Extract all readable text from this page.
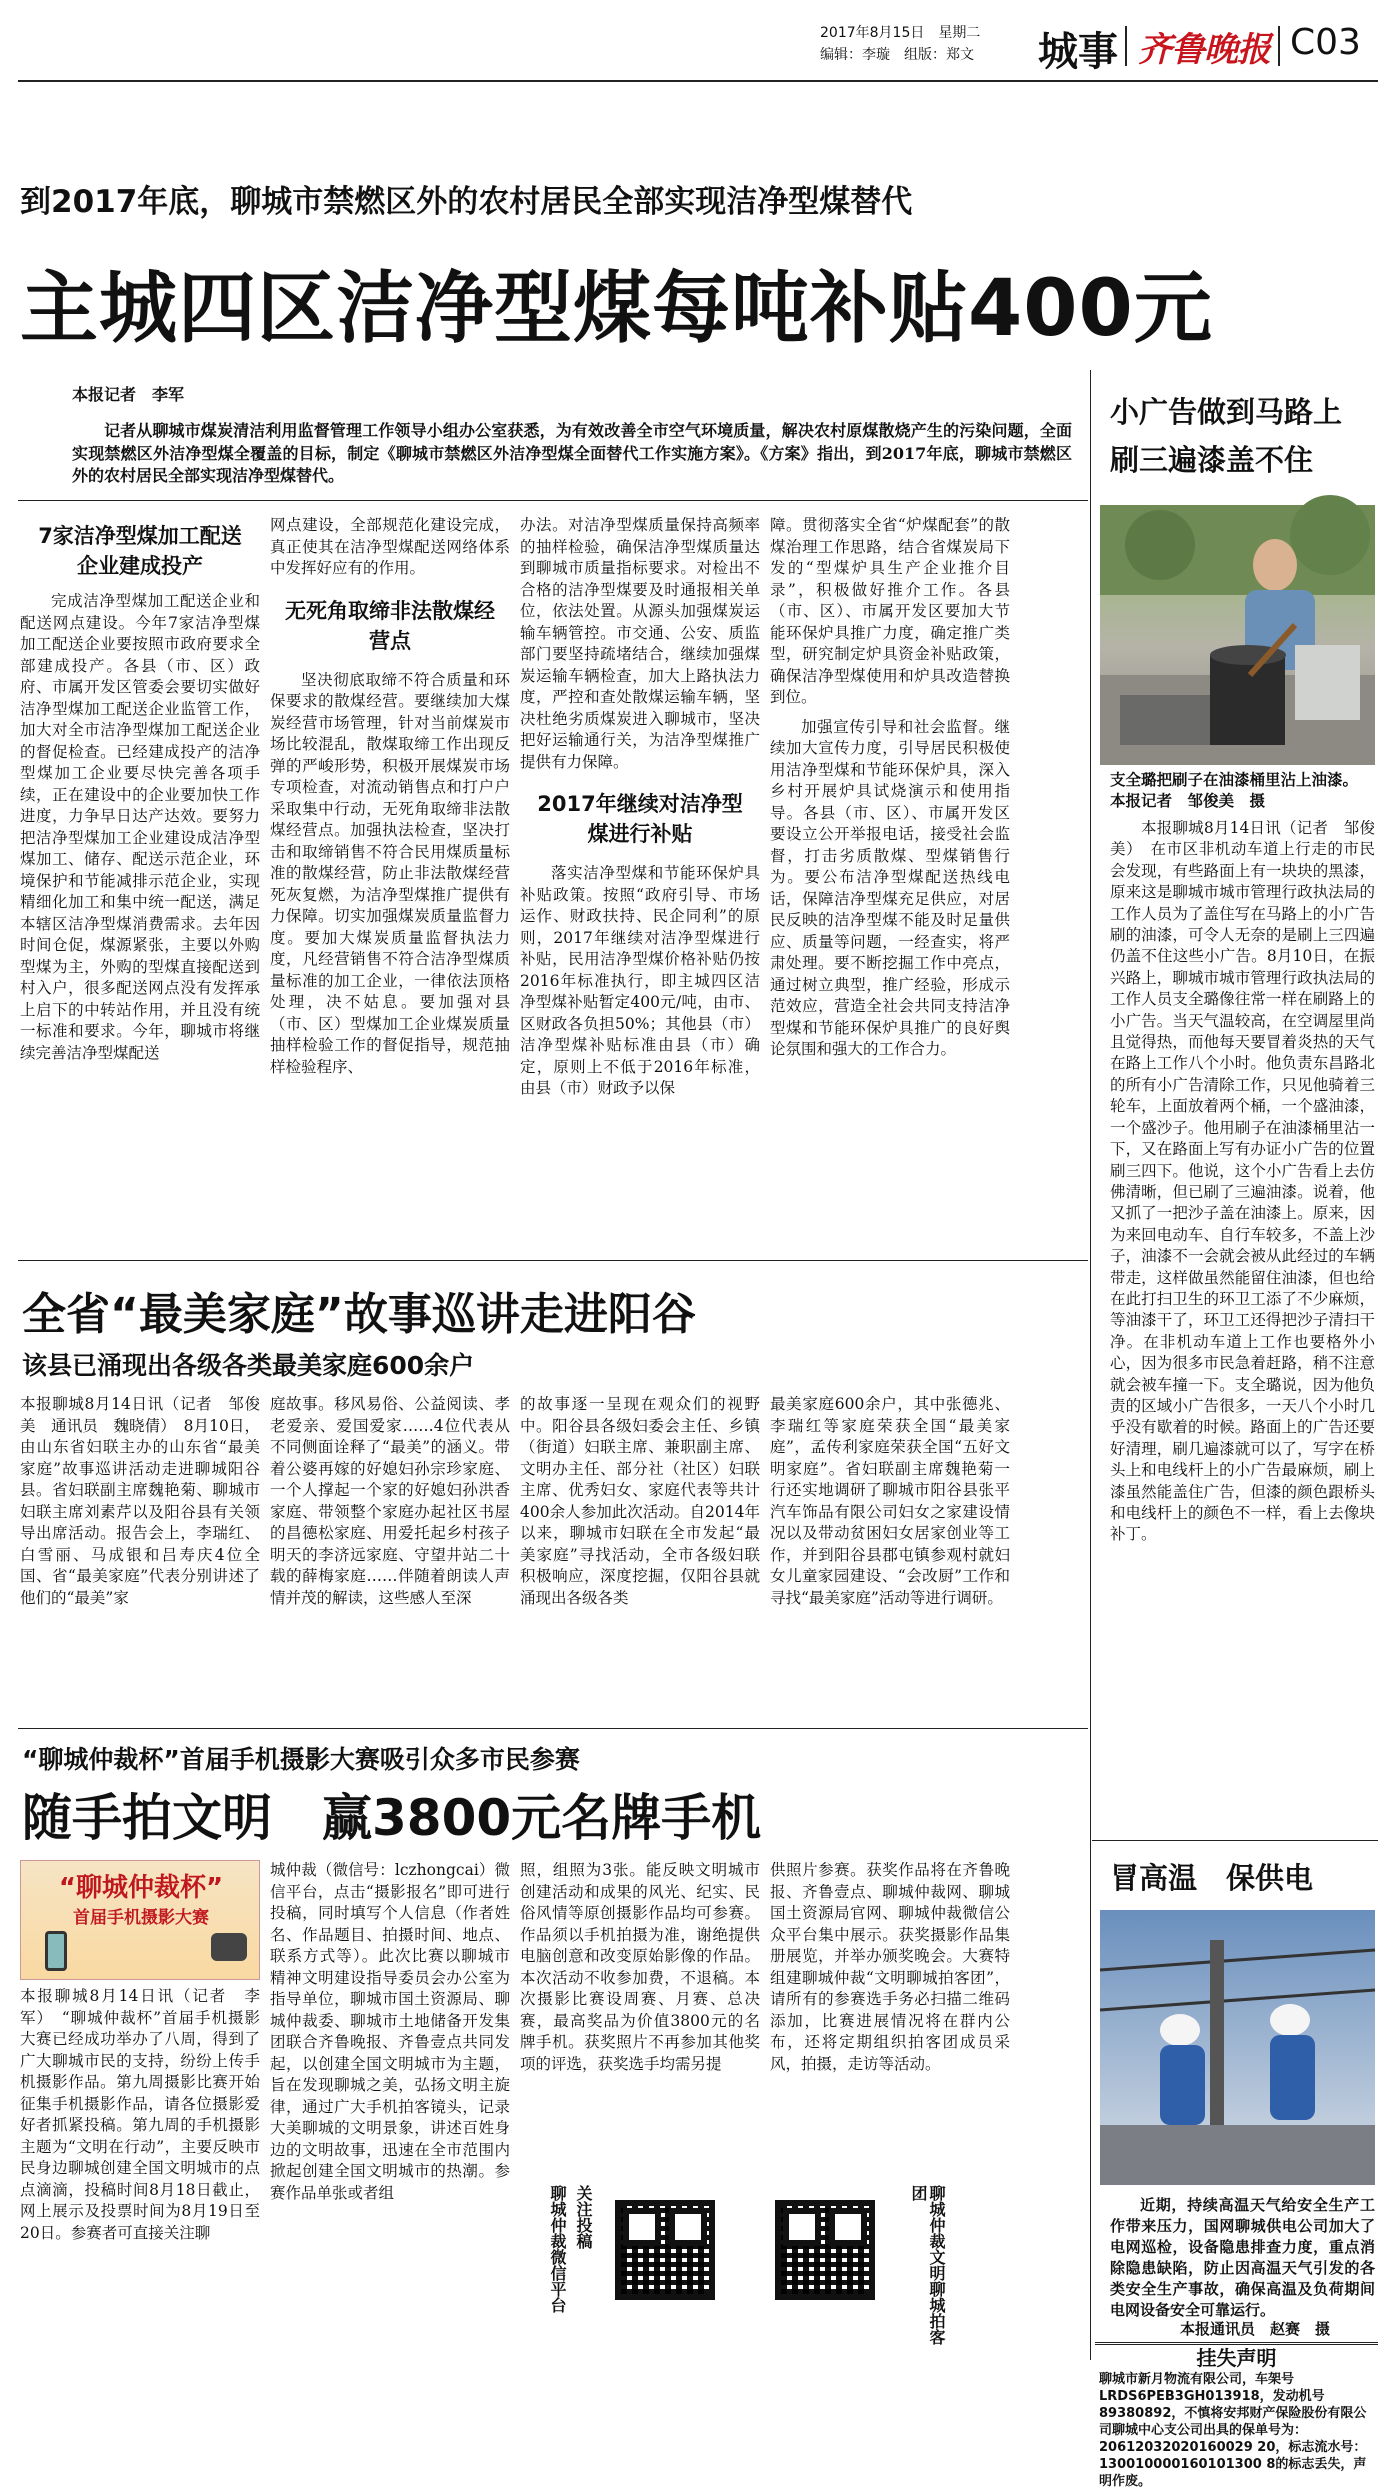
2017年8月15日　 星期二
编辑：李璇　 组版：郑文 城事 齐鲁晚报 C03
到2017年底，聊城市禁燃区外的农村居民全部实现洁净型煤替代
主城四区洁净型煤每吨补贴400元
本报记者　李军
记者从聊城市煤炭清洁利用监督管理工作领导小组办公室获悉，为有效改善全市空气环境质量，解决农村原煤散烧产生的污染问题，全面实现禁燃区外洁净型煤全覆盖的目标，制定《聊城市禁燃区外洁净型煤全面替代工作实施方案》。《方案》指出，到2017年底，聊城市禁燃区外的农村居民全部实现洁净型煤替代。
7家洁净型煤加工配送企业建成投产
完成洁净型煤加工配送企业和配送网点建设。今年7家洁净型煤加工配送企业要按照市政府要求全部建成投产。各县（市、区）政府、市属开发区管委会要切实做好洁净型煤加工配送企业监管工作，加大对全市洁净型煤加工配送企业的督促检查。已经建成投产的洁净型煤加工企业要尽快完善各项手续，正在建设中的企业要加快工作进度，力争早日达产达效。要努力把洁净型煤加工企业建设成洁净型煤加工、储存、配送示范企业，环境保护和节能减排示范企业，实现精细化加工和集中统一配送，满足本辖区洁净型煤消费需求。去年因时间仓促，煤源紧张，主要以外购型煤为主，外购的型煤直接配送到村入户，很多配送网点没有发挥承上启下的中转站作用，并且没有统一标准和要求。今年，聊城市将继续完善洁净型煤配送
网点建设，全部规范化建设完成，真正使其在洁净型煤配送网络体系中发挥好应有的作用。
无死角取缔非法散煤经营点
坚决彻底取缔不符合质量和环保要求的散煤经营。要继续加大煤炭经营市场管理，针对当前煤炭市场比较混乱，散煤取缔工作出现反弹的严峻形势，积极开展煤炭市场专项检查，对流动销售点和打户户采取集中行动，无死角取缔非法散煤经营点。加强执法检查，坚决打击和取缔销售不符合民用煤质量标准的散煤经营，防止非法散煤经营死灰复燃，为洁净型煤推广提供有力保障。切实加强煤炭质量监督力度。要加大煤炭质量监督执法力度，凡经营销售不符合洁净型煤质量标准的加工企业，一律依法顶格处理，决不姑息。要加强对县（市、区）型煤加工企业煤炭质量抽样检验工作的督促指导，规范抽样检验程序、
办法。对洁净型煤质量保持高频率的抽样检验，确保洁净型煤质量达到聊城市质量指标要求。对检出不合格的洁净型煤要及时通报相关单位，依法处置。从源头加强煤炭运输车辆管控。市交通、公安、质监部门要坚持疏堵结合，继续加强煤炭运输车辆检查，加大上路执法力度，严控和查处散煤运输车辆，坚决杜绝劣质煤炭进入聊城市，坚决把好运输通行关，为洁净型煤推广提供有力保障。
2017年继续对洁净型煤进行补贴
落实洁净型煤和节能环保炉具补贴政策。按照“政府引导、市场运作、财政扶持、民企同利”的原则，2017年继续对洁净型煤进行补贴，民用洁净型煤价格补贴仍按2016年标准执行，即主城四区洁净型煤补贴暂定400元/吨，由市、区财政各负担50%；其他县（市）洁净型煤补贴标准由县（市）确定，原则上不低于2016年标准，由县（市）财政予以保
障。贯彻落实全省“炉煤配套”的散煤治理工作思路，结合省煤炭局下发的“型煤炉具生产企业推介目录”，积极做好推介工作。各县（市、区）、市属开发区要加大节能环保炉具推广力度，确定推广类型，研究制定炉具资金补贴政策，确保洁净型煤使用和炉具改造替换到位。
加强宣传引导和社会监督。继续加大宣传力度，引导居民积极使用洁净型煤和节能环保炉具，深入乡村开展炉具试烧演示和使用指导。各县（市、区）、市属开发区要设立公开举报电话，接受社会监督，打击劣质散煤、型煤销售行为。要公布洁净型煤配送热线电话，保障洁净型煤充足供应，对居民反映的洁净型煤不能及时足量供应、质量等问题，一经查实，将严肃处理。要不断挖掘工作中亮点，通过树立典型，推广经验，形成示范效应，营造全社会共同支持洁净型煤和节能环保炉具推广的良好舆论氛围和强大的工作合力。
小广告做到马路上
刷三遍漆盖不住
支全璐把刷子在油漆桶里沾上油漆。　本报记者　邹俊美　摄
本报聊城8月14日讯（记者　邹俊美）　在市区非机动车道上行走的市民会发现，有些路面上有一块块的黑漆，原来这是聊城市城市管理行政执法局的工作人员为了盖住写在马路上的小广告刷的油漆，可令人无奈的是刷上三四遍仍盖不住这些小广告。8月10日，在振兴路上，聊城市城市管理行政执法局的工作人员支全璐像往常一样在刷路上的小广告。当天气温较高，在空调屋里尚且觉得热，而他每天要冒着炎热的天气在路上工作八个小时。他负责东昌路北的所有小广告清除工作，只见他骑着三轮车，上面放着两个桶，一个盛油漆，一个盛沙子。他用刷子在油漆桶里沾一下，又在路面上写有办证小广告的位置刷三四下。他说，这个小广告看上去仿佛清晰，但已刷了三遍油漆。说着，他又抓了一把沙子盖在油漆上。原来，因为来回电动车、自行车较多，不盖上沙子，油漆不一会就会被从此经过的车辆带走，这样做虽然能留住油漆，但也给在此打扫卫生的环卫工添了不少麻烦，等油漆干了，环卫工还得把沙子清扫干净。在非机动车道上工作也要格外小心，因为很多市民急着赶路，稍不注意就会被车撞一下。支全璐说，因为他负责的区域小广告很多，一天八个小时几乎没有歇着的时候。路面上的广告还要好清理，刷几遍漆就可以了，写字在桥头上和电线杆上的小广告最麻烦，刷上漆虽然能盖住广告，但漆的颜色跟桥头和电线杆上的颜色不一样，看上去像块补丁。
全省“最美家庭”故事巡讲走进阳谷
该县已涌现出各级各类最美家庭600余户
本报聊城8月14日讯（记者　邹俊美　通讯员　魏晓倩）　8月10日，由山东省妇联主办的山东省“最美家庭”故事巡讲活动走进聊城阳谷县。省妇联副主席魏艳菊、聊城市妇联主席刘素芹以及阳谷县有关领导出席活动。报告会上，李瑞红、白雪丽、马成银和吕寿庆4位全国、省“最美家庭”代表分别讲述了他们的“最美”家
庭故事。移风易俗、公益阅读、孝老爱亲、爱国爱家……4位代表从不同侧面诠释了“最美”的涵义。带着公婆再嫁的好媳妇孙宗珍家庭、一个人撑起一个家的好媳妇孙洪香家庭、带领整个家庭办起社区书屋的昌德松家庭、用爱托起乡村孩子明天的李济远家庭、守望井站二十载的薛梅家庭……伴随着朗读人声情并茂的解读，这些感人至深
的故事逐一呈现在观众们的视野中。阳谷县各级妇委会主任、乡镇（街道）妇联主席、兼职副主席、文明办主任、部分社（社区）妇联主席、优秀妇女、家庭代表等共计400余人参加此次活动。自2014年以来，聊城市妇联在全市发起“最美家庭”寻找活动，全市各级妇联积极响应，深度挖掘，仅阳谷县就涌现出各级各类
最美家庭600余户，其中张德兆、李瑞红等家庭荣获全国“最美家庭”，孟传利家庭荣获全国“五好文明家庭”。省妇联副主席魏艳菊一行还实地调研了聊城市阳谷县张平汽车饰品有限公司妇女之家建设情况以及带动贫困妇女居家创业等工作，并到阳谷县郡屯镇参观村就妇女儿童家园建设、“会改厨”工作和寻找“最美家庭”活动等进行调研。
“聊城仲裁杯”首届手机摄影大赛吸引众多市民参赛
随手拍文明　赢3800元名牌手机
“聊城仲裁杯”
首届手机摄影大赛
本报聊城8月14日讯（记者　李军）　“聊城仲裁杯”首届手机摄影大赛已经成功举办了八周，得到了广大聊城市民的支持，纷纷上传手机摄影作品。第九周摄影比赛开始征集手机摄影作品，请各位摄影爱好者抓紧投稿。第九周的手机摄影主题为“文明在行动”，主要反映市民身边聊城创建全国文明城市的点点滴滴，投稿时间8月18日截止，网上展示及投票时间为8月19日至20日。参赛者可直接关注聊
城仲裁（微信号：lczhongcai）微信平台，点击“摄影报名”即可进行投稿，同时填写个人信息（作者姓名、作品题目、拍摄时间、地点、联系方式等）。此次比赛以聊城市精神文明建设指导委员会办公室为指导单位，聊城市国土资源局、聊城仲裁委、聊城市土地储备开发集团联合齐鲁晚报、齐鲁壹点共同发起，以创建全国文明城市为主题，旨在发现聊城之美，弘扬文明主旋律，通过广大手机拍客镜头，记录大美聊城的文明景象，讲述百姓身边的文明故事，迅速在全市范围内掀起创建全国文明城市的热潮。参赛作品单张或者组
照，组照为3张。能反映文明城市创建活动和成果的风光、纪实、民俗风情等原创摄影作品均可参赛。作品须以手机拍摄为准，谢绝提供电脑创意和改变原始影像的作品。本次活动不收参加费，不退稿。本次摄影比赛设周赛、月赛、总决赛，最高奖品为价值3800元的名牌手机。获奖照片不再参加其他奖项的评选，获奖选手均需另提
供照片参赛。获奖作品将在齐鲁晚报、齐鲁壹点、聊城仲裁网、聊城国土资源局官网、聊城仲裁微信公众平台集中展示。获奖摄影作品集册展览，并举办颁奖晚会。大赛特组建聊城仲裁“文明聊城拍客团”，请所有的参赛选手务必扫描二维码添加，比赛进展情况将在群内公布，还将定期组织拍客团成员采风，拍摄，走访等活动。
聊城仲裁微信平台 关注投稿	聊城仲裁文明聊城拍客团
冒高温　保供电
近期，持续高温天气给安全生产工作带来压力，国网聊城供电公司加大了电网巡检，设备隐患排查力度，重点消除隐患缺陷，防止因高温天气引发的各类安全生产事故，确保高温及负荷期间电网设备安全可靠运行。
本报通讯员　赵赛　摄
挂失声明
聊城市新月物流有限公司，车架号LRDS6PEB3GH013918，发动机号89380892，不慎将安邦财产保险股份有限公司聊城中心支公司出具的保单号为：20612032020160029 20，标志流水号：130010000160101300 8的标志丢失，声明作废。
